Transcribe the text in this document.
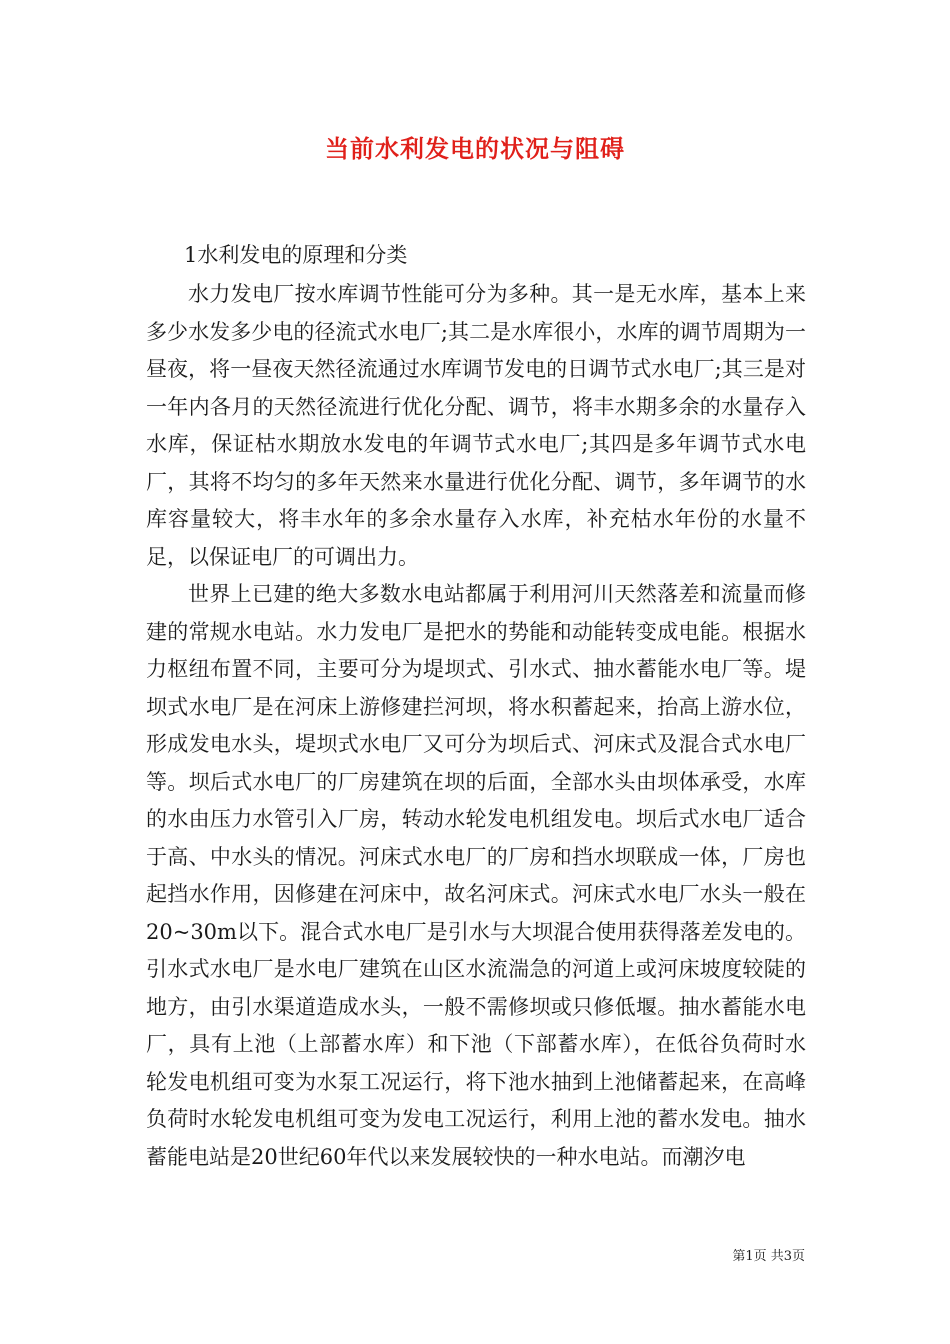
当前水利发电的状况与阻碍
1水利发电的原理和分类

水力发电厂按水库调节性能可分为多种。其一是无水库，基本上来多少水发多少电的径流式水电厂;其二是水库很小，水库的调节周期为一昼夜，将一昼夜天然径流通过水库调节发电的日调节式水电厂;其三是对一年内各月的天然径流进行优化分配、调节，将丰水期多余的水量存入水库，保证枯水期放水发电的年调节式水电厂;其四是多年调节式水电厂，其将不均匀的多年天然来水量进行优化分配、调节，多年调节的水库容量较大，将丰水年的多余水量存入水库，补充枯水年份的水量不足，以保证电厂的可调出力。

世界上已建的绝大多数水电站都属于利用河川天然落差和流量而修建的常规水电站。水力发电厂是把水的势能和动能转变成电能。根据水力枢纽布置不同，主要可分为堤坝式、引水式、抽水蓄能水电厂等。堤坝式水电厂是在河床上游修建拦河坝，将水积蓄起来，抬高上游水位，形成发电水头，堤坝式水电厂又可分为坝后式、河床式及混合式水电厂等。坝后式水电厂的厂房建筑在坝的后面，全部水头由坝体承受，水库的水由压力水管引入厂房，转动水轮发电机组发电。坝后式水电厂适合于高、中水头的情况。河床式水电厂的厂房和挡水坝联成一体，厂房也起挡水作用，因修建在河床中，故名河床式。河床式水电厂水头一般在20~30m以下。混合式水电厂是引水与大坝混合使用获得落差发电的。引水式水电厂是水电厂建筑在山区水流湍急的河道上或河床坡度较陡的地方，由引水渠道造成水头，一般不需修坝或只修低堰。抽水蓄能水电厂，具有上池（上部蓄水库）和下池（下部蓄水库），在低谷负荷时水轮发电机组可变为水泵工况运行，将下池水抽到上池储蓄起来，在高峰负荷时水轮发电机组可变为发电工况运行，利用上池的蓄水发电。抽水蓄能电站是20世纪60年代以来发展较快的一种水电站。而潮汐电

第1页 共3页
